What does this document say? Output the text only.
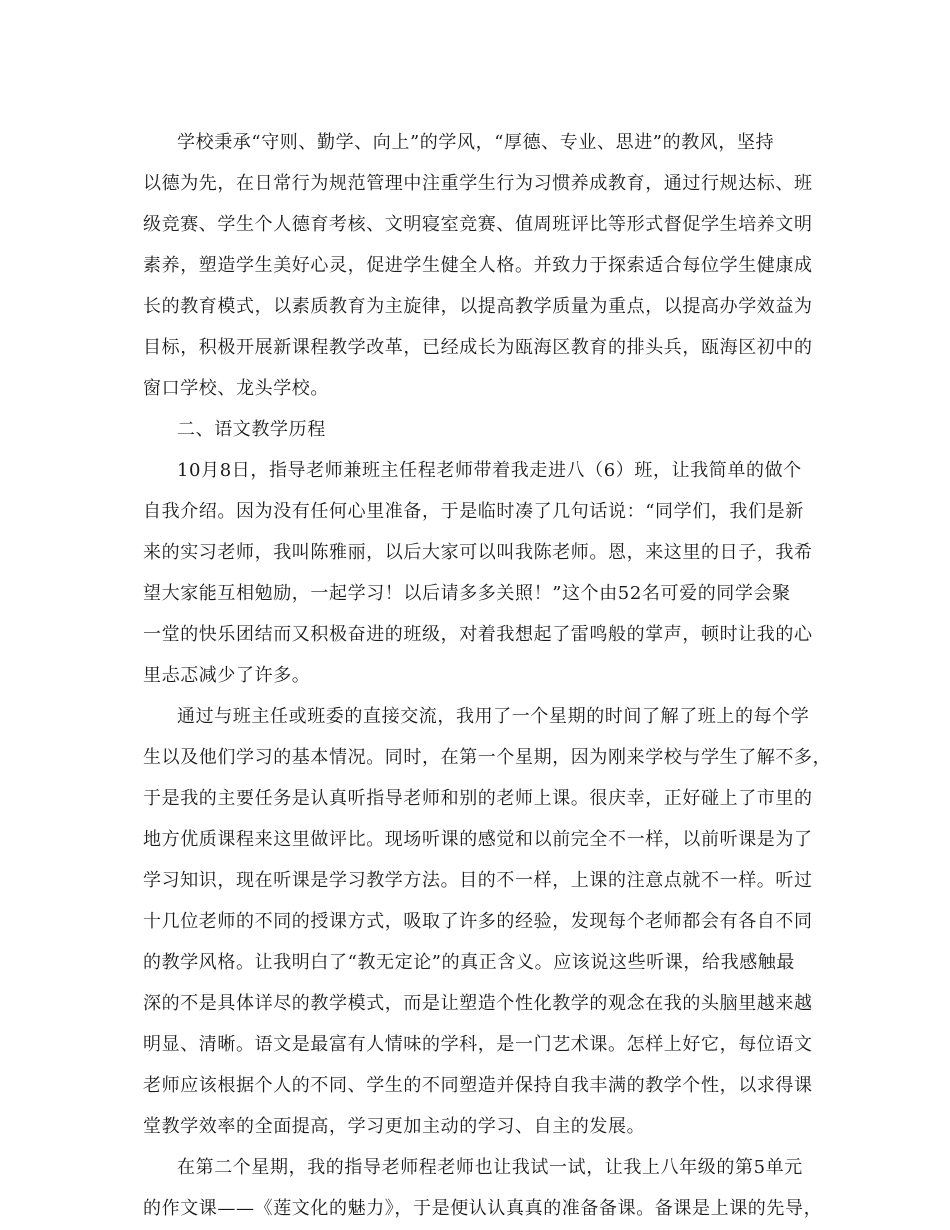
学校秉承“守则、勤学、向上”的学风，“厚德、专业、思进”的教风，坚持
以德为先，在日常行为规范管理中注重学生行为习惯养成教育，通过行规达标、班
级竞赛、学生个人德育考核、文明寝室竞赛、值周班评比等形式督促学生培养文明
素养，塑造学生美好心灵，促进学生健全人格。并致力于探索适合每位学生健康成
长的教育模式，以素质教育为主旋律，以提高教学质量为重点，以提高办学效益为
目标，积极开展新课程教学改革，已经成长为瓯海区教育的排头兵，瓯海区初中的
窗口学校、龙头学校。
二、语文教学历程
10月8日，指导老师兼班主任程老师带着我走进八（6）班，让我简单的做个
自我介绍。因为没有任何心里准备，于是临时凑了几句话说：“同学们，我们是新
来的实习老师，我叫陈雅丽，以后大家可以叫我陈老师。恩，来这里的日子，我希
望大家能互相勉励，一起学习！以后请多多关照！”这个由52名可爱的同学会聚
一堂的快乐团结而又积极奋进的班级，对着我想起了雷鸣般的掌声，顿时让我的心
里忐忑减少了许多。
通过与班主任或班委的直接交流，我用了一个星期的时间了解了班上的每个学
生以及他们学习的基本情况。同时，在第一个星期，因为刚来学校与学生了解不多，
于是我的主要任务是认真听指导老师和别的老师上课。很庆幸，正好碰上了市里的
地方优质课程来这里做评比。现场听课的感觉和以前完全不一样，以前听课是为了
学习知识，现在听课是学习教学方法。目的不一样，上课的注意点就不一样。听过
十几位老师的不同的授课方式，吸取了许多的经验，发现每个老师都会有各自不同
的教学风格。让我明白了“教无定论”的真正含义。应该说这些听课，给我感触最
深的不是具体详尽的教学模式，而是让塑造个性化教学的观念在我的头脑里越来越
明显、清晰。语文是最富有人情味的学科，是一门艺术课。怎样上好它，每位语文
老师应该根据个人的不同、学生的不同塑造并保持自我丰满的教学个性，以求得课
堂教学效率的全面提高，学习更加主动的学习、自主的发展。
在第二个星期，我的指导老师程老师也让我试一试，让我上八年级的第5单元
的作文课——《莲文化的魅力》，于是便认认真真的准备备课。备课是上课的先导，
